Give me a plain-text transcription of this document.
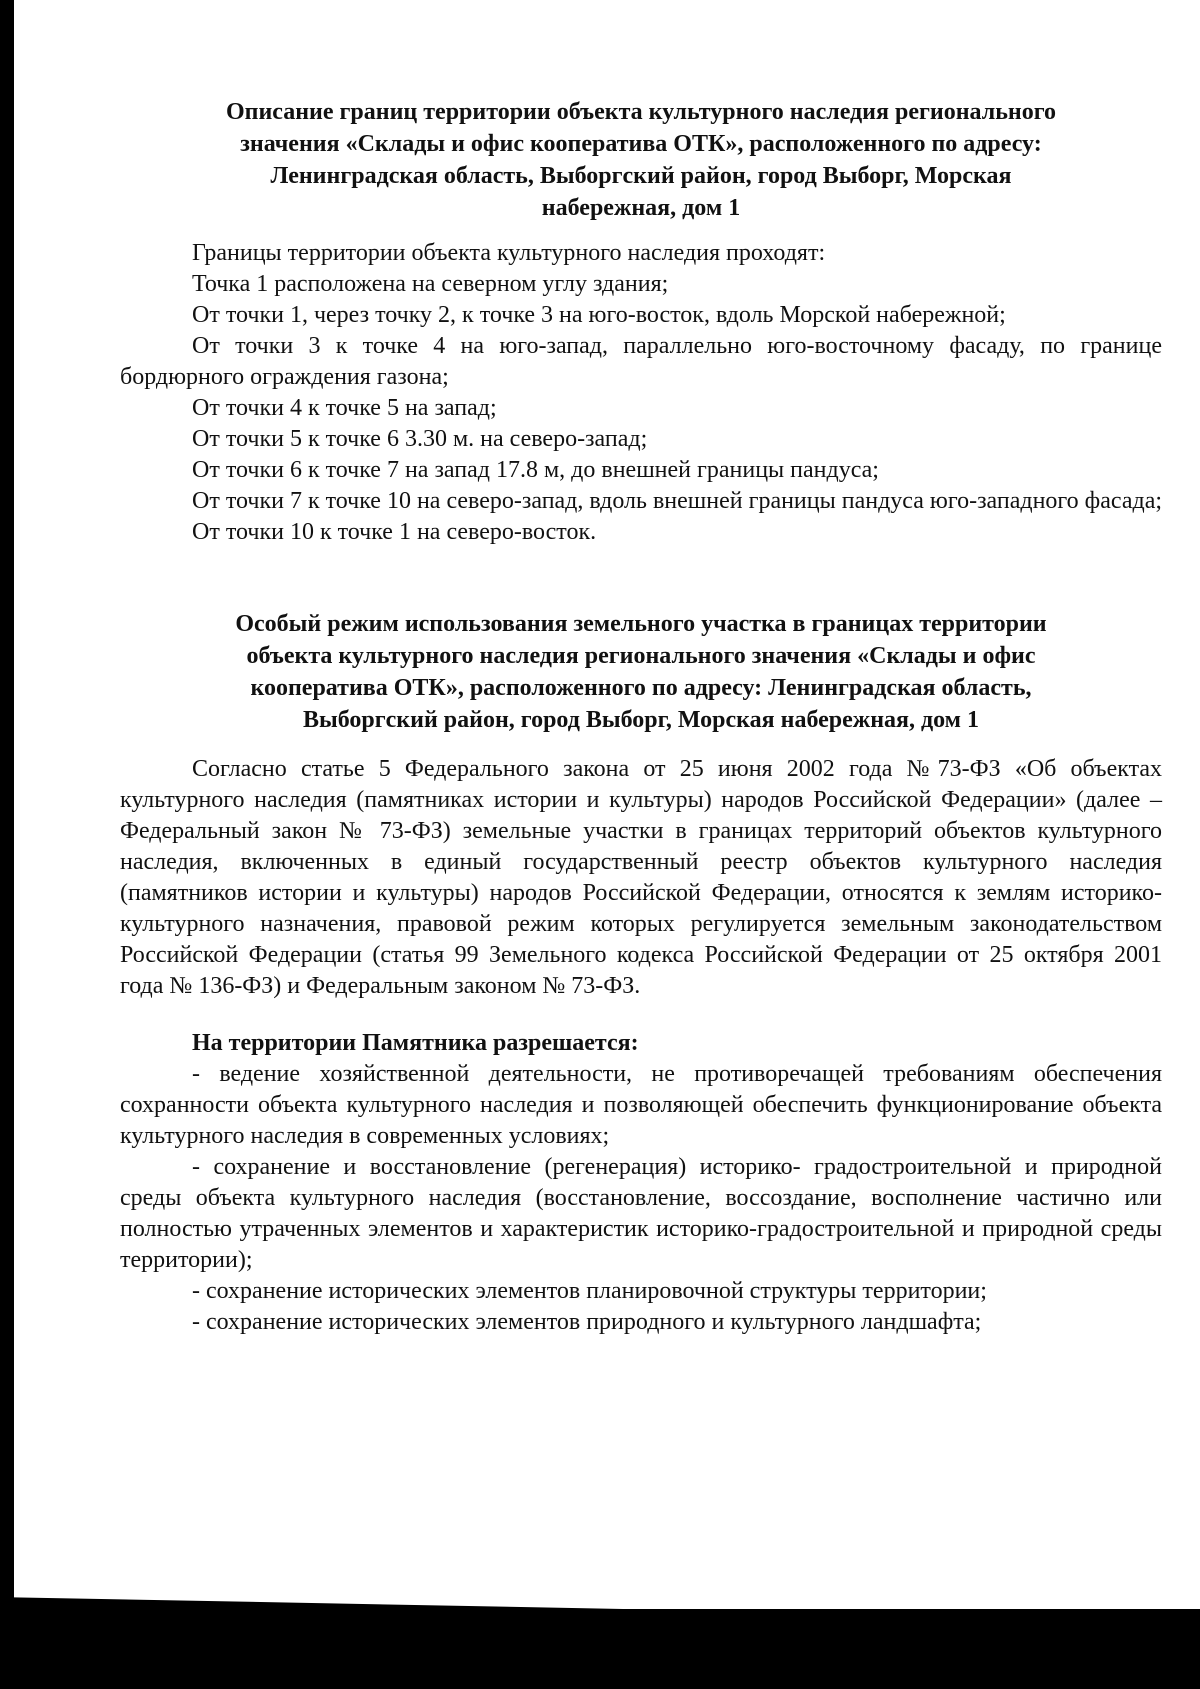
Описание границ территории объекта культурного наследия регионального
значения «Склады и офис кооператива ОТК», расположенного по адресу:
Ленинградская область, Выборгский район, город Выборг, Морская
набережная, дом 1
Границы территории объекта культурного наследия проходят:
Точка 1 расположена на северном углу здания;
От точки 1, через точку 2, к точке 3 на юго-восток, вдоль Морской набережной;
От точки 3 к точке 4 на юго-запад, параллельно юго-восточному фасаду, по границе бордюрного ограждения газона;
От точки 4 к точке 5 на запад;
От точки 5 к точке 6 3.30 м. на северо-запад;
От точки 6 к точке 7 на запад 17.8 м, до внешней границы пандуса;
От точки 7 к точке 10 на северо-запад, вдоль внешней границы пандуса юго-западного фасада;
От точки 10 к точке 1 на северо-восток.
Особый режим использования земельного участка в границах территории
объекта культурного наследия регионального значения «Склады и офис
кооператива ОТК», расположенного по адресу: Ленинградская область,
Выборгский район, город Выборг, Морская набережная, дом 1

Согласно статье 5 Федерального закона от 25 июня 2002 года №73-ФЗ «Об объектах культурного наследия (памятниках истории и культуры) народов Российской Федерации» (далее – Федеральный закон № 73-ФЗ) земельные участки в границах территорий объектов культурного наследия, включенных в единый государственный реестр объектов культурного наследия (памятников истории и культуры) народов Российской Федерации, относятся к землям историко-культурного назначения, правовой режим которых регулируется земельным законодательством Российской Федерации (статья 99 Земельного кодекса Российской Федерации от 25 октября 2001 года № 136-ФЗ) и Федеральным законом № 73-ФЗ.

На территории Памятника разрешается:

- ведение хозяйственной деятельности, не противоречащей требованиям обеспечения сохранности объекта культурного наследия и позволяющей обеспечить функционирование объекта культурного наследия в современных условиях;
- сохранение и восстановление (регенерация) историко- градостроительной и природной среды объекта культурного наследия (восстановление, воссоздание, восполнение частично или полностью утраченных элементов и характеристик историко-градостроительной и природной среды территории);
- сохранение исторических элементов планировочной структуры территории;
- сохранение исторических элементов природного и культурного ландшафта;
